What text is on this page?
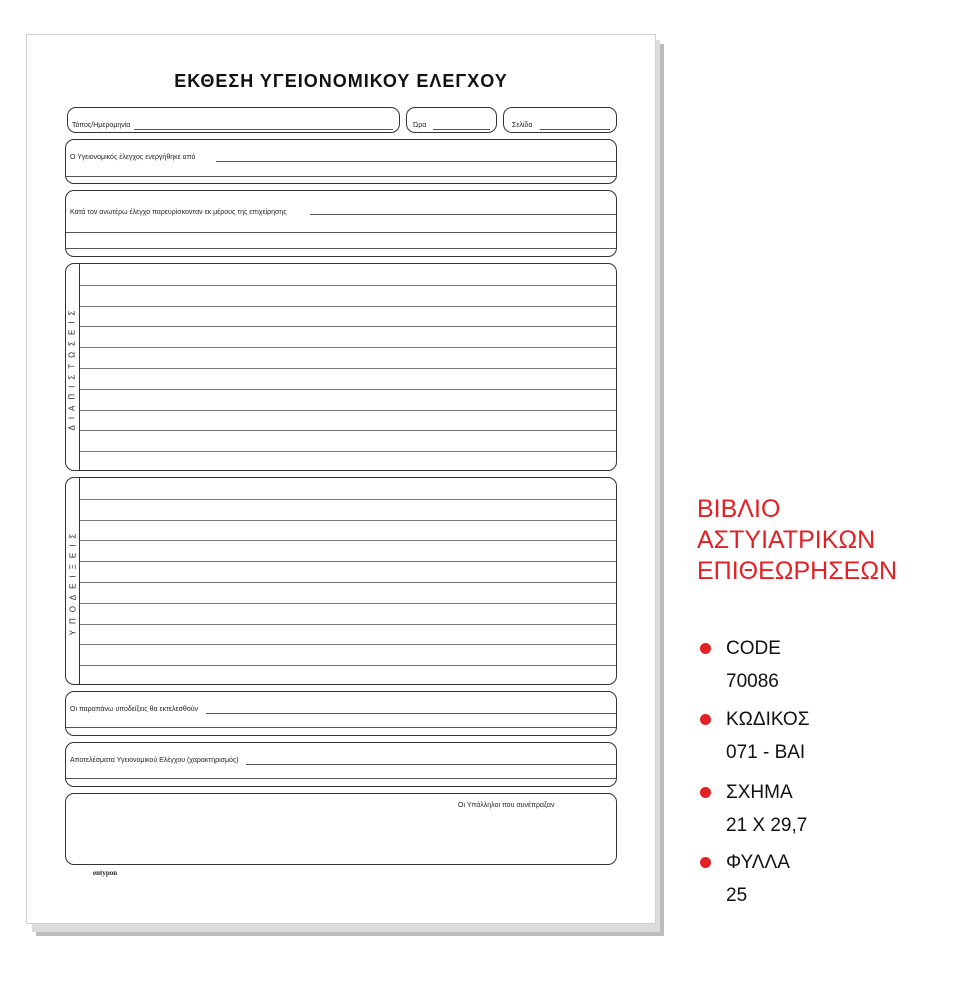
ΕΚΘΕΣΗ ΥΓΕΙΟΝΟΜΙΚΟΥ ΕΛΕΓΧΟΥ
Τόπος/Ημερομηνία	Ώρα	Σελίδα
Ο Υγειονομικός έλεγχος ενεργήθηκε από
Κατά τον ανωτέρω έλεγχο παρευρίσκονταν εκ μέρους της επιχείρησης
ΔΙΑΠΙΣΤΩΣΕΙΣ
ΥΠΟΔΕΙΞΕΙΣ
Οι παραπάνω υποδείξεις θα εκτελεσθούν
Αποτελέσματα Υγειονομικού Ελέγχου (χαρακτηρισμός)
Οι Υπάλληλοι που συνέπραξαν
entypon
ΒΙΒΛΙΟ
ΑΣΤΥΙΑΤΡΙΚΩΝ
ΕΠΙΘΕΩΡΗΣΕΩΝ
CODE
70086
ΚΩΔΙΚΟΣ
071 - ΒΑΙ
ΣΧΗΜΑ
21 X 29,7
ΦΥΛΛΑ
25
